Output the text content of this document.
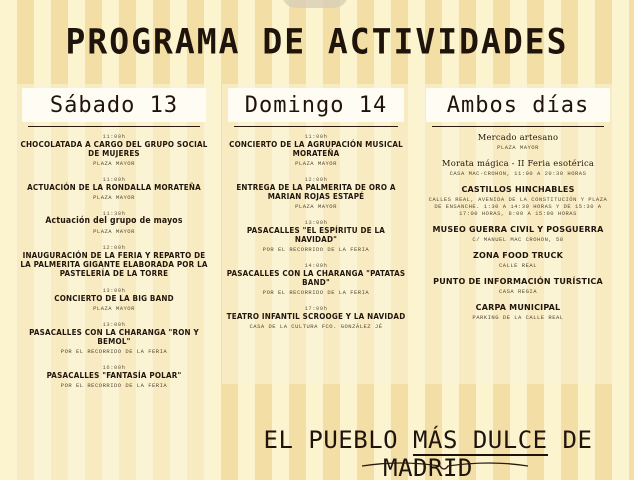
PROGRAMA DE ACTIVIDADES
Sábado 13
11:00h
CHOCOLATADA A CARGO DEL GRUPO SOCIAL DE MUJERES
PLAZA MAYOR
11:00h
ACTUACIÓN DE LA RONDALLA MORATEÑA
PLAZA MAYOR
11:30h
Actuación del grupo de mayos
PLAZA MAYOR
12:00h
INAUGURACIÓN DE LA FERIA Y REPARTO DE LA PALMERITA GIGANTE ELABORADA POR LA PASTELERÍA DE LA TORRE
13:00h
CONCIERTO DE LA BIG BAND
PLAZA MAYOR
13:00h
PASACALLES CON LA CHARANGA "RON Y BEMOL"
POR EL RECORRIDO DE LA FERIA
16:00h
PASACALLES "FANTASÍA POLAR"
POR EL RECORRIDO DE LA FERIA
Domingo 14
11:00h
CONCIERTO DE LA AGRUPACIÓN MUSICAL MORATEÑA
PLAZA MAYOR
12:00h
ENTREGA DE LA PALMERITA DE ORO A MARIAN ROJAS ESTAPÉ
PLAZA MAYOR
13:00h
PASACALLES "EL ESPÍRITU DE LA NAVIDAD"
POR EL RECORRIDO DE LA FERIA
14:00h
PASACALLES CON LA CHARANGA "PATATAS BAND"
POR EL RECORRIDO DE LA FERIA
17:00h
TEATRO INFANTIL SCROOGE Y LA NAVIDAD
CASA DE LA CULTURA FCO. GONZÁLEZ JÉ
Ambos días
Mercado artesano
PLAZA MAYOR
Morata mágica - II Feria esotérica
CASA MAC-CROHON, 11:00 A 20:30 HORAS
CASTILLOS HINCHABLES
CALLES REAL, AVENIDA DE LA CONSTITUCIÓN Y PLAZA DE ENSANCHE. 1:30 A 14:30 HORAS Y DE 15:30 A 17:00 HORAS, 8:00 A 15:00 HORAS
MUSEO GUERRA CIVIL Y POSGUERRA
C/ MANUEL MAC CROHON, 58
ZONA FOOD TRUCK
CALLE REAL
PUNTO DE INFORMACIÓN TURÍSTICA
CASA REGIA
CARPA MUNICIPAL
PARKING DE LA CALLE REAL
EL PUEBLO MÁS DULCE DE MADRID
